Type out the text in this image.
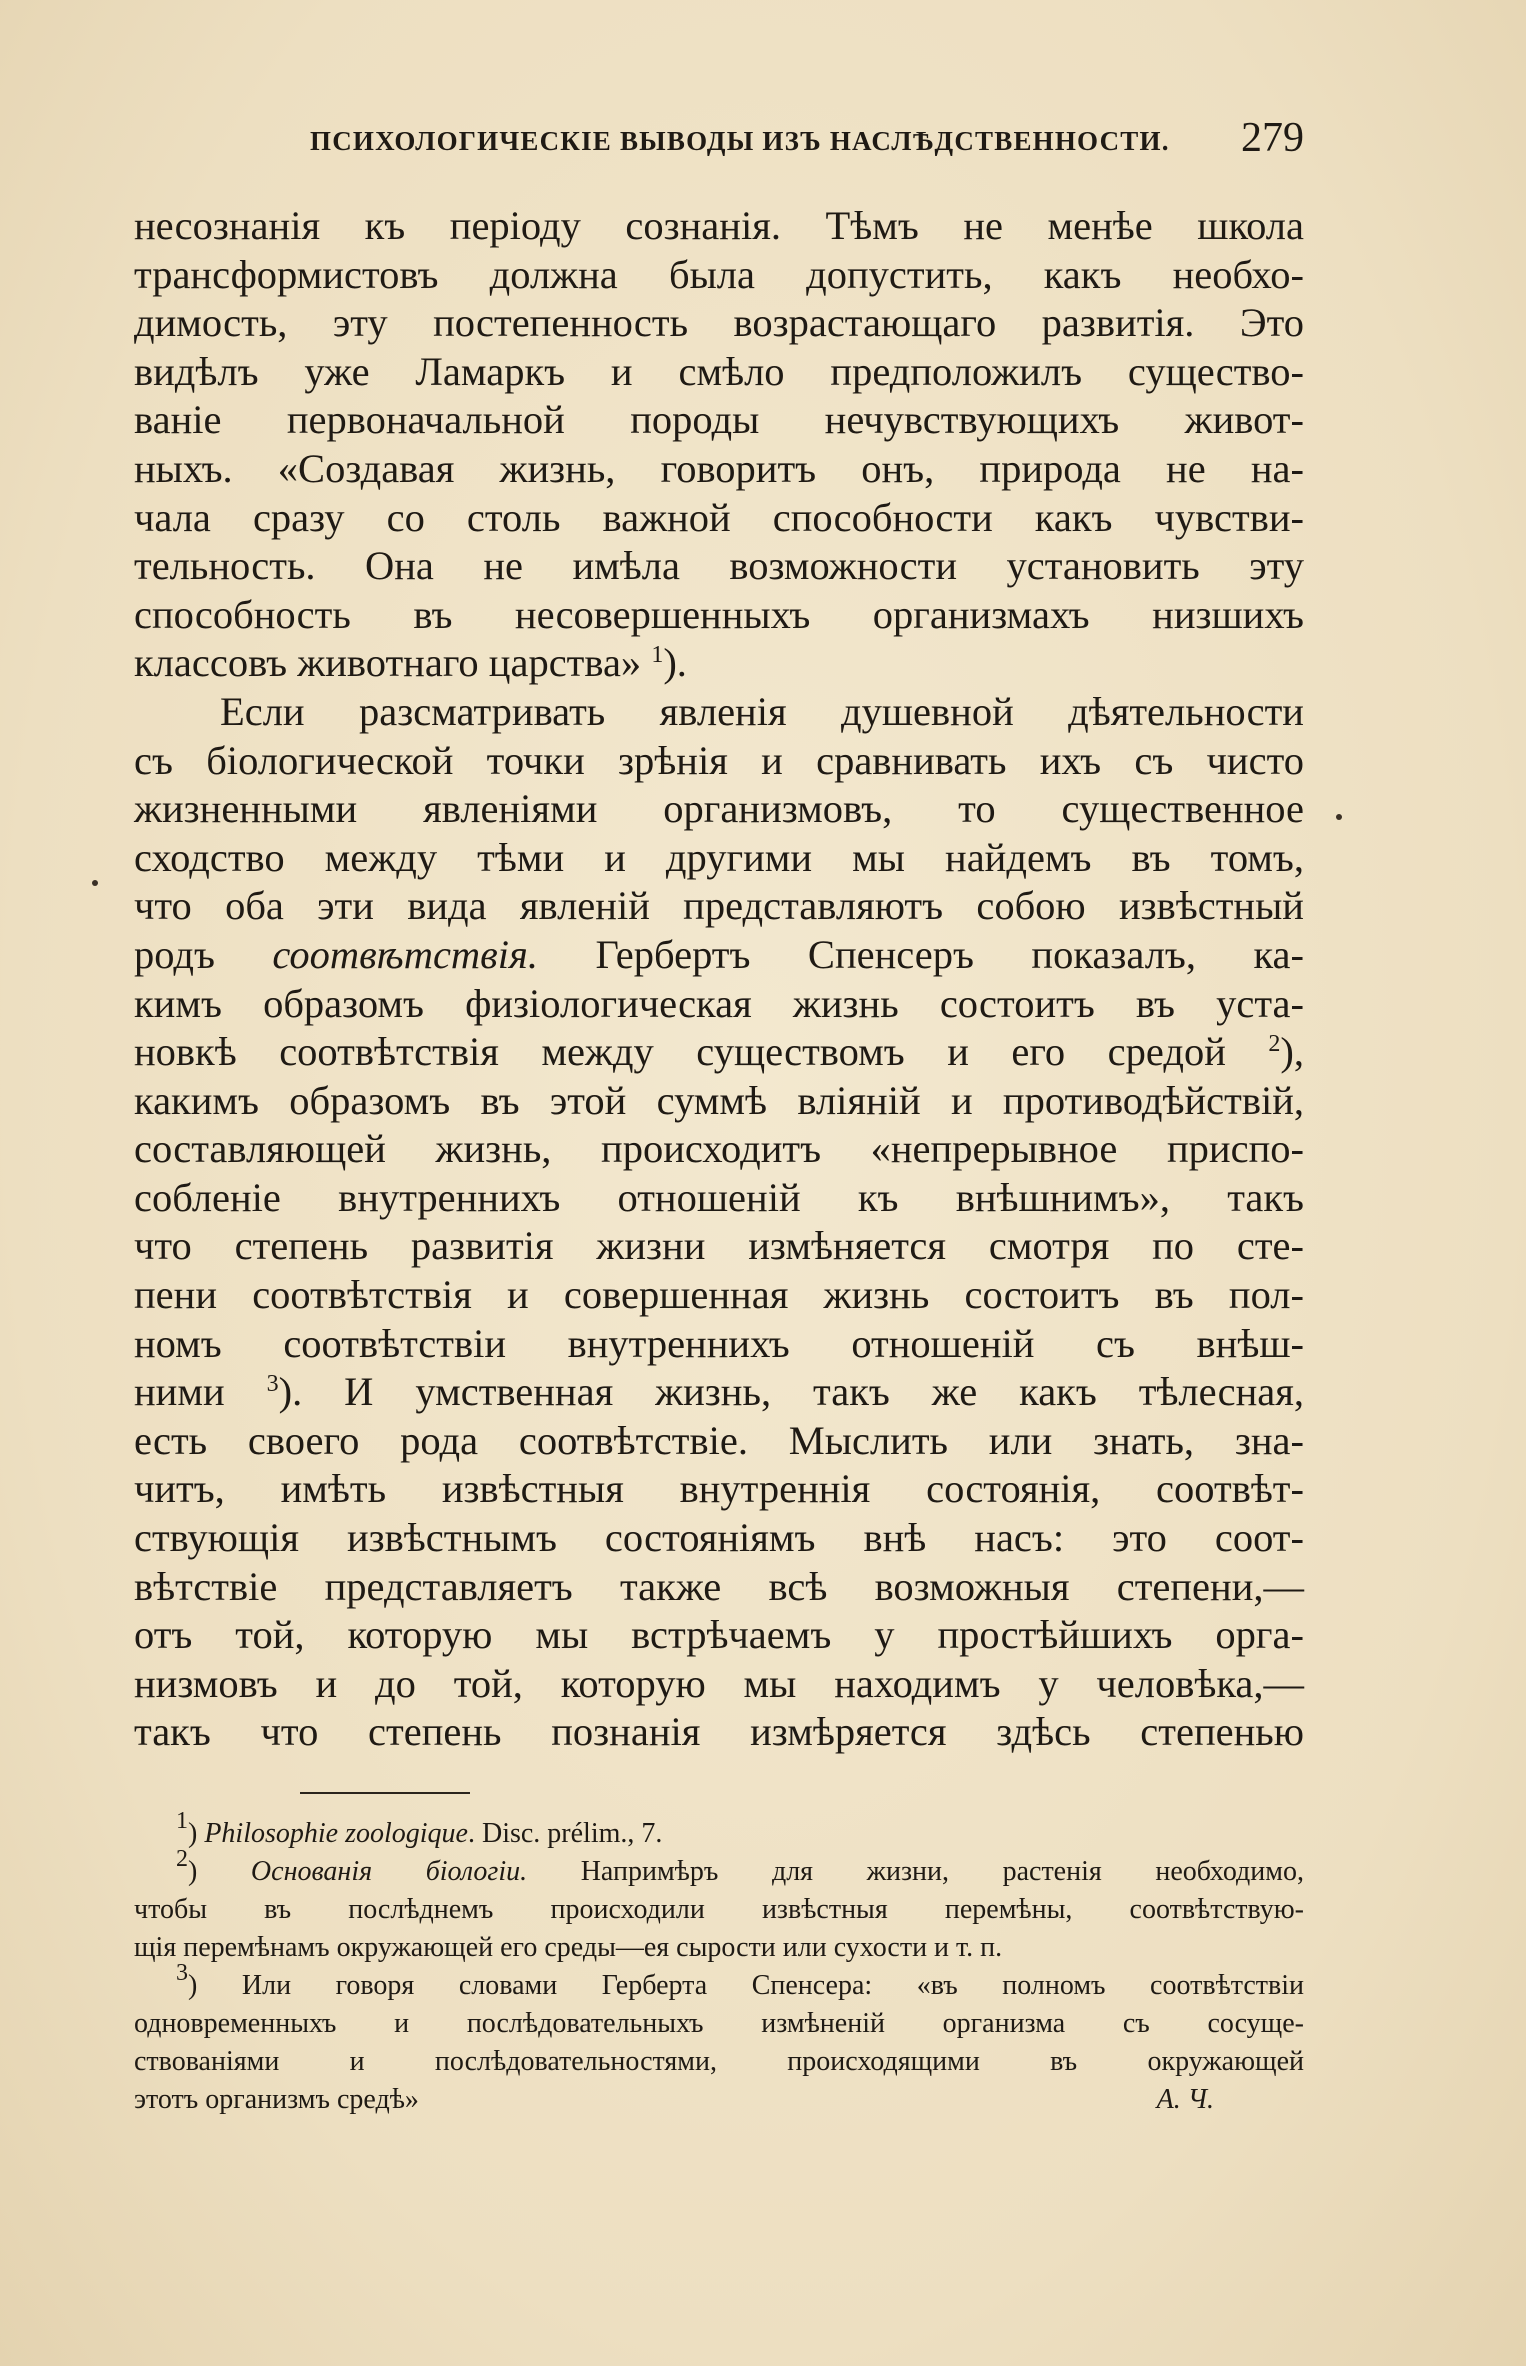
ПСИХОЛОГИЧЕСКІЕ ВЫВОДЫ ИЗЪ НАСЛѢДСТВЕННОСТИ. 279
несознанія къ періоду сознанія. Тѣмъ не менѣе школа
трансформистовъ должна была допустить, какъ необхо-
димость, эту постепенность возрастающаго развитія. Это
видѣлъ уже Ламаркъ и смѣло предположилъ существо-
ваніе первоначальной породы нечувствующихъ живот-
ныхъ. «Создавая жизнь, говоритъ онъ, природа не на-
чала сразу со столь важной способности какъ чувстви-
тельность. Она не имѣла возможности установить эту
способность въ несовершенныхъ организмахъ низшихъ
классовъ животнаго царства» $^1$).
Если разсматривать явленія душевной дѣятельности
съ біологической точки зрѣнія и сравнивать ихъ съ чисто
жизненными явленіями организмовъ, то существенное
сходство между тѣми и другими мы найдемъ въ томъ,
что оба эти вида явленій представляютъ собою извѣстный
родъ соотвѣтствія. Гербертъ Спенсеръ показалъ, ка-
кимъ образомъ физіологическая жизнь состоитъ въ уста-
новкѣ соотвѣтствія между существомъ и его средой $^2$),
какимъ образомъ въ этой суммѣ вліяній и противодѣйствій,
составляющей жизнь, происходитъ «непрерывное приспо-
собленіе внутреннихъ отношеній къ внѣшнимъ», такъ
что степень развитія жизни измѣняется смотря по сте-
пени соотвѣтствія и совершенная жизнь состоитъ въ пол-
номъ соотвѣтствіи внутреннихъ отношеній съ внѣш-
ними $^3$). И умственная жизнь, такъ же какъ тѣлесная,
есть своего рода соотвѣтствіе. Мыслить или знать, зна-
читъ, имѣть извѣстныя внутреннія состоянія, соотвѣт-
ствующія извѣстнымъ состояніямъ внѣ насъ: это соот-
вѣтствіе представляетъ также всѣ возможныя степени,—
отъ той, которую мы встрѣчаемъ у простѣйшихъ орга-
низмовъ и до той, которую мы находимъ у человѣка,—
такъ что степень познанія измѣряется здѣсь степенью
$^1$) Philosophie zoologique. Disc. prélim., 7.
$^2$) Основанія біологіи. Напримѣръ для жизни, растенія необходимо,
чтобы въ послѣднемъ происходили извѣстныя перемѣны, соотвѣтствую-
щія перемѣнамъ окружающей его среды—ея сырости или сухости и т. п.
$^3$) Или говоря словами Герберта Спенсера: «въ полномъ соотвѣтствіи
одновременныхъ и послѣдовательныхъ измѣненій организма съ сосуще-
ствованіями и послѣдовательностями, происходящими въ окружающей
этотъ организмъ средѣ»	А. Ч.
